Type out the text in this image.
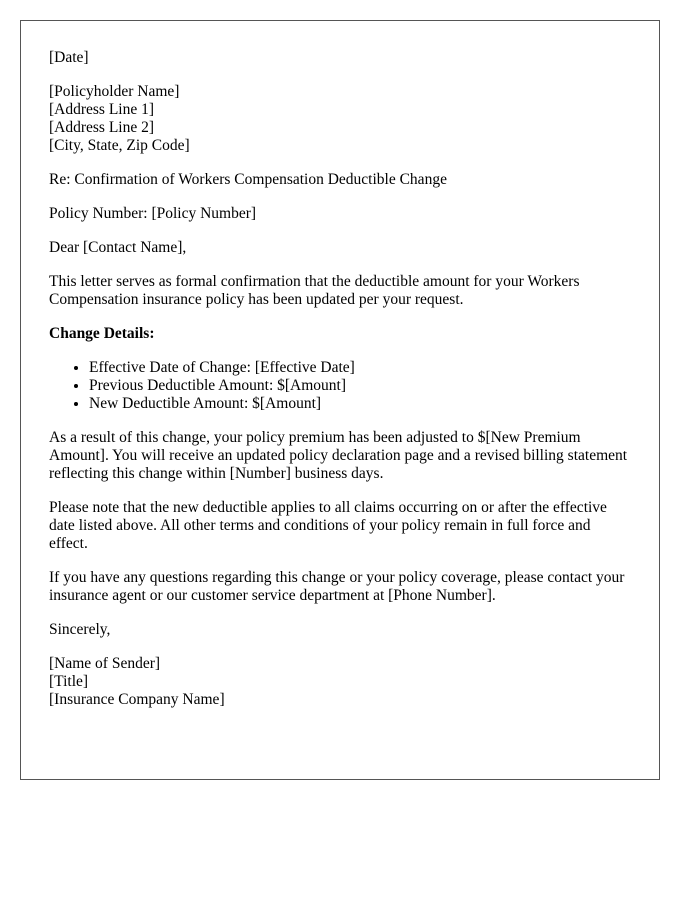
[Date]

[Policyholder Name]
[Address Line 1]
[Address Line 2]
[City, State, Zip Code]

Re: Confirmation of Workers Compensation Deductible Change

Policy Number: [Policy Number]

Dear [Contact Name],

This letter serves as formal confirmation that the deductible amount for your Workers Compensation insurance policy has been updated per your request.

Change Details:

• Effective Date of Change: [Effective Date]
• Previous Deductible Amount: $[Amount]
• New Deductible Amount: $[Amount]

As a result of this change, your policy premium has been adjusted to $[New Premium Amount]. You will receive an updated policy declaration page and a revised billing statement reflecting this change within [Number] business days.

Please note that the new deductible applies to all claims occurring on or after the effective date listed above. All other terms and conditions of your policy remain in full force and effect.

If you have any questions regarding this change or your policy coverage, please contact your insurance agent or our customer service department at [Phone Number].

Sincerely,

[Name of Sender]
[Title]
[Insurance Company Name]
